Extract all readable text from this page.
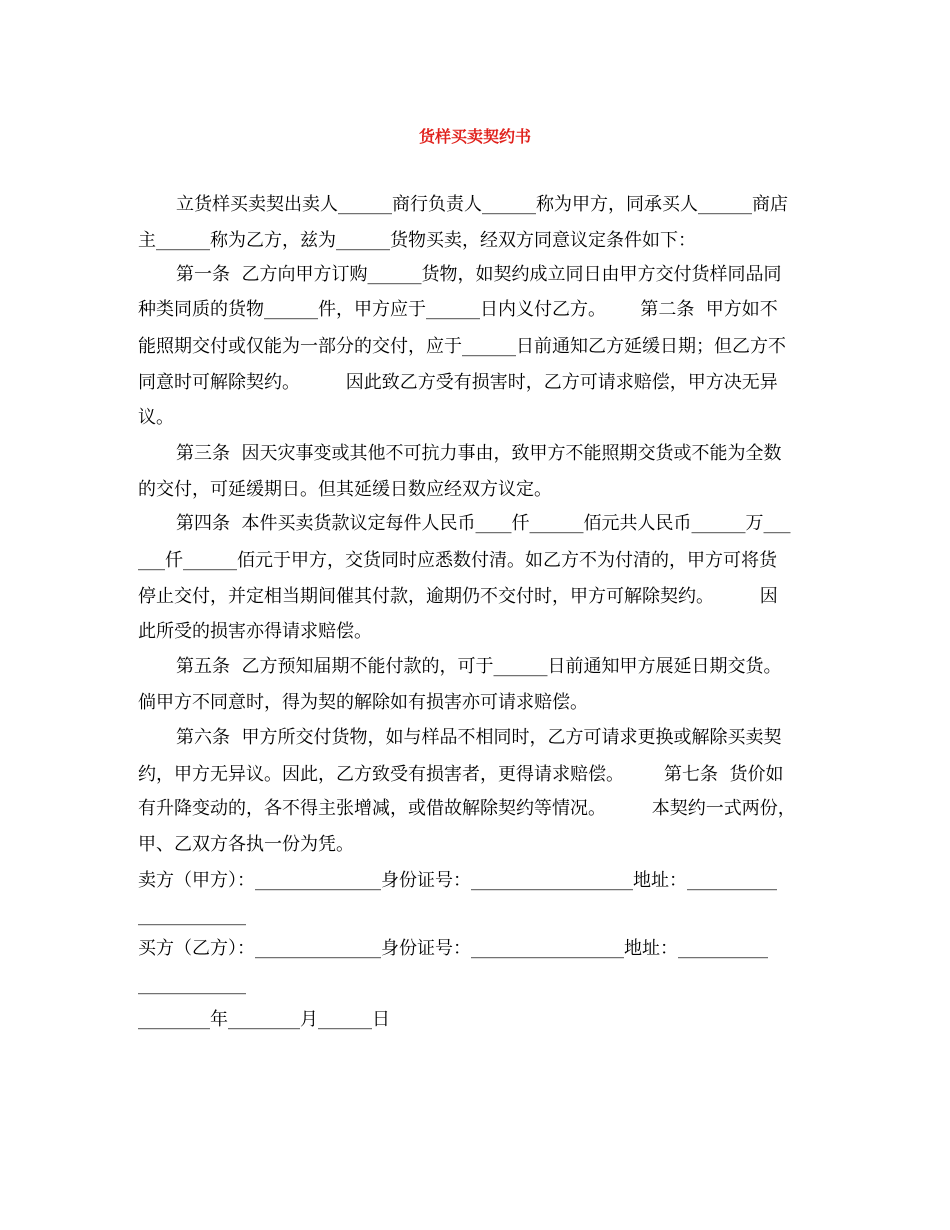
货样买卖契约书
立货样买卖契出卖人______商行负责人______称为甲方，同承买人______商店
主______称为乙方，兹为______货物买卖，经双方同意议定条件如下：
第一条  乙方向甲方订购______货物，如契约成立同日由甲方交付货样同品同
种类同质的货物______件，甲方应于______日内义付乙方。      第二条  甲方如不
能照期交付或仅能为一部分的交付，应于______日前通知乙方延缓日期；但乙方不
同意时可解除契约。        因此致乙方受有损害时，乙方可请求赔偿，甲方决无异
议。
第三条  因天灾事变或其他不可抗力事由，致甲方不能照期交货或不能为全数
的交付，可延缓期日。但其延缓日数应经双方议定。
第四条  本件买卖货款议定每件人民币____仟______佰元共人民币______万___
___仟______佰元于甲方，交货同时应悉数付清。如乙方不为付清的，甲方可将货
停止交付，并定相当期间催其付款，逾期仍不交付时，甲方可解除契约。        因
此所受的损害亦得请求赔偿。
第五条  乙方预知届期不能付款的，可于______日前通知甲方展延日期交货。
倘甲方不同意时，得为契的解除如有损害亦可请求赔偿。
第六条  甲方所交付货物，如与样品不相同时，乙方可请求更换或解除买卖契
约，甲方无异议。因此，乙方致受有损害者，更得请求赔偿。       第七条  货价如
有升降变动的，各不得主张增减，或借故解除契约等情况。        本契约一式两份，
甲、乙双方各执一份为凭。
卖方（甲方）：______________身份证号：__________________地址：__________
____________
买方（乙方）：______________身份证号：_________________地址：__________
____________
________年________月______日
